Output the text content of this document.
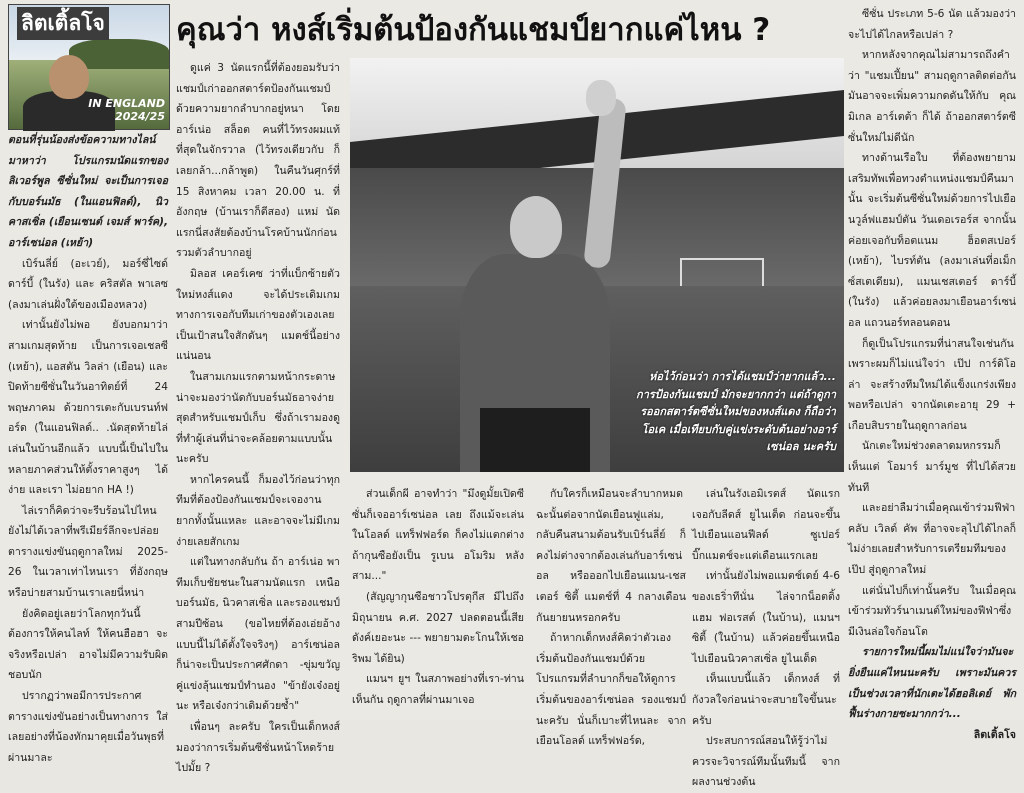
ลิตเติ้ลโจ
IN ENGLAND
2024/25
คุณว่า หงส์เริ่มต้นป้องกันแชมป์ยากแค่ไหน ?

ตอนที่รุ่นน้องส่งข้อความทางไลน์มาหาว่า โปรแกรมนัดแรกของลิเวอร์พูล ซีซั่นใหม่ จะเป็นการเจอกับบอร์นมัธ (ในแอนฟิลด์), นิวคาสเซิ่ล (เยือนเซนต์ เจมส์ พาร์ค), อาร์เซน่อล (เหย้า)

เบิร์นลี่ย์ (อะเวย์), มอร์ซี่ไซด์ดาร์บี้ (ในรัง) และ คริสตัล พาเลซ (ลงมาเล่นฝั่งใต้ของเมืองหลวง)

เท่านั้นยังไม่พอ ยังบอกมาว่า สามเกมสุดท้าย เป็นการเจอเชลซี (เหย้า), แอสตัน วิลล่า (เยือน) และปิดท้ายซีซั่นในวันอาทิตย์ที่ 24 พฤษภาคม ด้วยการเตะกับเบรนท์ฟอร์ด (ในแอนฟิลด์.. .นัดสุดท้ายไล่เล่นในบ้านอีกแล้ว แบบนี้เป็นไปในหลายภาคส่วนให้ตั้งราคาสูงๆ ได้ง่าย และเรา ไม่อยาก HA !)

ไล่เราก็คิดว่าจะรีบร้อนไปไหน ยังไม่ได้เวลาที่พรีเมียร์ลีกจะปล่อยตารางแข่งขันฤดูกาลใหม่ 2025-26 ในเวลาเท่าไหนเรา ที่อังกฤษ หรือบ่ายสามบ้านเราเลยนี่หน่า

ยังคิดอยู่เลยว่าโลกทุกวันนี้ต้องการให้คนไลท์ ให้คนฮือฮา จะจริงหรือเปล่า อาจไม่มีความรับผิดชอบนัก

ปรากฏว่าพอมีการประกาศตารางแข่งขันอย่างเป็นทางการ ใส่เลยอย่างที่น้องทักมาคุยเมื่อวันพุธที่ผ่านมาละ

ดูแค่ 3 นัดแรกนี้ที่ต้องยอมรับว่าแชมป์เก่าออกสตาร์ตป้องกันแชมป์ด้วยความยากลำบากอยู่หนา โดย อาร์เน่อ สล็อต คนที่ไว้ทรงผมแท้ที่สุดในจักรวาล (ไว้ทรงเดียวกับ ก็เลยกล้า...กล้าพูด) ในคืนวันศุกร์ที่ 15 สิงหาคม เวลา 20.00 น. ที่อังกฤษ (บ้านเราก็ตีสอง) แหม่ นัดแรกนี่สงสัยต้องบ้านโรคบ้านนักก่อนรวมตัวลำบากอยู่

มิลอส เคอร์เคซ ว่าที่แบ็กซ้ายตัวใหม่หงส์แดง จะได้ประเดิมเกมทางการเจอกับทีมเก่าของตัวเองเลย เป็นเป้าสนใจสักดันๆ แมตช์นี้อย่างแน่นอน

ในสามเกมแรกตามหน้ากระดาษน่าจะมองว่านัดกับบอร์นมัธอาจง่ายสุดสำหรับแชมป์เก็บ ซึ่งถ้าเรามองดูที่ทำผู้เล่นที่น่าจะคล้อยตามแบบนั้นนะครับ

หากไครคนนี้ ก็มองไว้ก่อนว่าทุกทีมที่ต้องป้องกันแชมป์จะเจองานยากทั้งนั้นแหละ และอาจจะไม่มีเกมง่ายเลยสักเกม

แต่ในทางกลับกัน ถ้า อาร์เน่อ พาทีมเก็บชัยชนะในสามนัดแรก เหนือบอร์นมัธ, นิวคาสเซิ่ล และรองแชมป์สามปีซ้อน (ขอไหยที่ต้องเอ่ยอ้างแบบนี้ไม่ได้ตั้งใจจริงๆ) อาร์เซน่อล ก็น่าจะเป็นประกาศศักดา -ขุ่มขวัญ คู่แข่งลุ้นแชมป์ทำนอง "ข้ายังเจ๋งอยู่นะ หรือเจ๋งกว่าเดิมด้วยซ้ำ"

เพื่อนๆ ละครับ ใครเป็นเด็กหงส์มองว่าการเริ่มต้นซีซั่นหน้าโหดร้ายไปมั้ย ?

ห่อไว้ก่อนว่า การได้แชมป์ว่ายากแล้ว... การป้องกันแชมป์ มักจะยากกว่า แต่ถ้าดูการออกสตาร์ตซีซั่นใหม่ของหงส์แดง ก็ถือว่าโอเค เมื่อเทียบกับคู่แข่งระดับต้นอย่างอาร์เซน่อล นะครับ

ส่วนเด็กผี อาจทำว่า "มึงดูมั้ยเปิดซีซั่นก็เจออาร์เซน่อล เลย ถึงแม้จะเล่นในโอลด์ แทร็ฟฟอร์ด ก็คงไม่แตกต่าง ถ้ากุนซือยังเป็น รูเบน อโมริม หลังสาม..."

(สัญญากุนซือชาวโปรตุกีส มีไปถึงมิถุนายน ค.ศ. 2027 ปลดตอนนี้เสียดังค์เยอะนะ --- พยายามตะโกนให้เชอริพม ได้ยิน)

แมนฯ ยูฯ ในสภาพอย่างที่เรา-ท่าน เห็นกัน ฤดูกาลที่ผ่านมาเจอ

กับใครก็เหมือนจะลำบากหมด ฉะนั้นต่อจากนัดเยือนฟูแล่ม, กลับคืนสนามต้อนรับเบิร์นลี่ย์ ก็คงไม่ต่างจากต้องเล่นกับอาร์เซน่อล หรือออกไปเยือนแมน-เชสเตอร์ ซิตี้ แมตช์ที่ 4 กลางเดือนกันยายนหรอกครับ

ถ้าหากเด็กหงส์คิดว่าตัวเองเริ่มต้นป้องกันแชมป์ด้วยโปรแกรมที่ลำบากก็ขอให้ดูการเริ่มต้นของอาร์เซน่อล รองแชมป์นะครับ นั่นก็เบาะที่ไหนละ จากเยือนโอลด์ แทร็ฟฟอร์ด,

เล่นในรังเอมิเรตส์ นัดแรก เจอกับลีดส์ ยูไนเต็ด ก่อนจะขึ้นไปเยือนแอนฟีลด์ ซูเปอร์บิ๊กแมตช์จะแต่เดือนแรกเลย

เท่านั้นยังไม่พอแมตช์เดย์ 4-6 ของเธริ่าทีนั่น ไล่จากน็อตติ้งแฮม ฟอเรสต์ (ในบ้าน), แมนฯ ซิตี้ (ในบ้าน) แล้วค่อยขึ้นเหนือไปเยือนนิวคาสเซิ่ล ยูไนเต็ด

เห็นแบบนี้แล้ว เด็กหงส์ ที่กังวลใจก่อนน่าจะสบายใจขึ้นนะครับ

ประสบการณ์สอนให้รู้ว่าไม่ควรจะวิจารณ์ทีมนั้นทีมนี้ จากผลงานช่วงต้น

ซีซั่น ประเภท 5-6 นัด แล้วมองว่าจะไปได้ไกลหรือเปล่า ?

หากหลังจากคุณไม่สามารถถึงคำว่า "แชมเปี้ยน" สามฤดูกาลติดต่อกันมันอาจจะเพิ่มความกดดันให้กับ คุณมิเกล อาร์เตต้า ก็ได้ ถ้าออกสตาร์ตซีซั่นใหม่ไม่ดีนัก

ทางด้านเรือใบ ที่ต้องพยายามเสริมทัพเพื่อทวงตำแหน่งแชมป์คืนมานั้น จะเริ่มต้นซีซั่นใหม่ด้วยการไปเยือนวูล์ฟแฮมป์ตัน วันเดอเรอร์ส จากนั้นค่อยเจอกับท็อตแนม ฮ็อตสเปอร์ (เหย้า), ไบรท์ตัน (ลงมาเล่นที่อเม็กซ์สเตเดียม), แมนเชสเตอร์ ดาร์บี้ (ในรัง) แล้วค่อยลงมาเยือนอาร์เซน่อล แถวนอร์ทลอนดอน

ก็ดูเป็นโปรแกรมที่น่าสนใจเช่นกัน เพราะผมก็ไม่แน่ใจว่า เป๊ป การ์ดิโอล่า จะสร้างทีมใหม่ได้แข็งแกร่งเพียงพอหรือเปล่า จากนัดเตะอายุ 29 + เกือบสิบรายในฤดูกาลก่อน

นักเตะใหม่ช่วงตลาดมหกรรมก็เห็นแต่ โอมาร์ มาร์มูช ที่ไปได้สวยทันที

และอย่าลืมว่าเมื่อคุณเข้าร่วมฟีฟ่า คลับ เวิลด์ คัพ ที่อาจจะลุไปได้ไกลก็ไม่ง่ายเลยสำหรับการเตรียมทีมของเป๊ป สู่ฤดูกาลใหม่

แต่นั่นไปก็เท่านั้นครับ ในเมื่อคุณเข้าร่วมทัวร์นาเมนต์ใหม่ของฟีฟ่าซึ่งมีเงินล่อใจก้อนโต

รายการใหม่นี้ผมไม่แน่ใจว่ามันจะยิ่งยืนแค่ไหนนะครับ เพราะมันควรเป็นช่วงเวลาที่นักเตะได้ฮอลิเดย์ พักฟื้นร่างกายซะมากกว่า...

ลิตเติ้ลโจ
